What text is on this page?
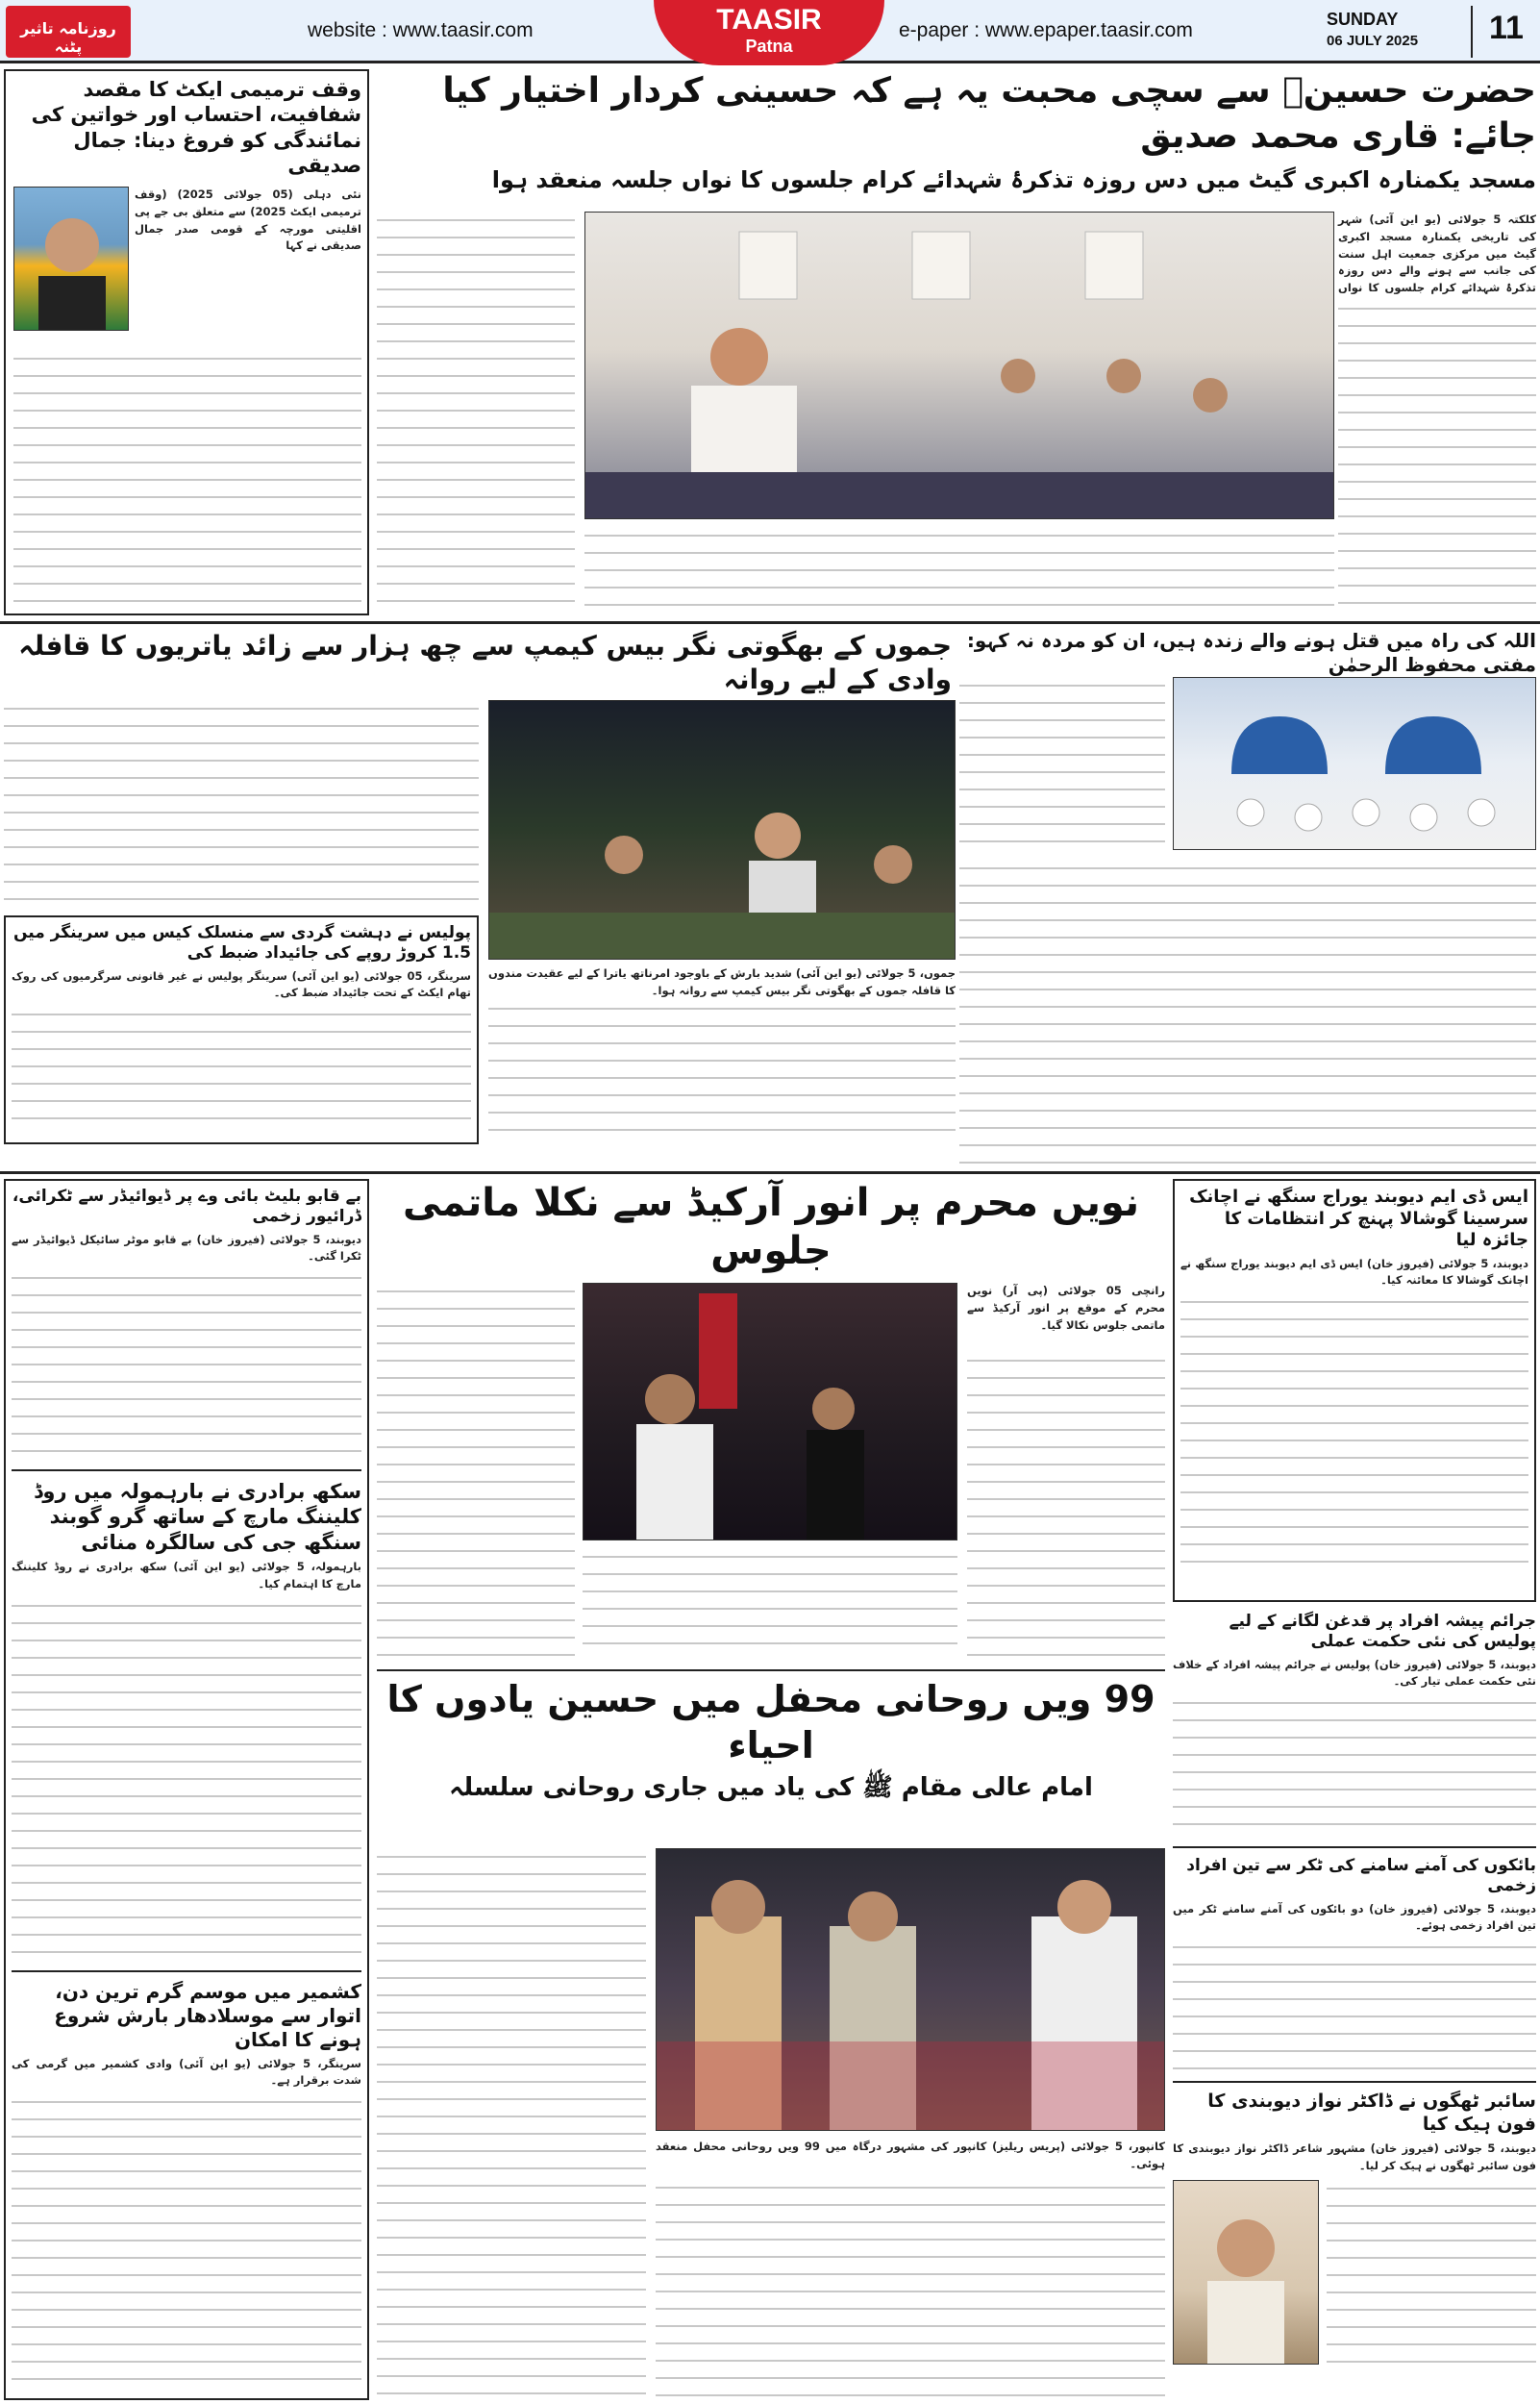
11
SUNDAY
06 JULY 2025
e-paper : www.epaper.taasir.com
website : www.taasir.com	TAASIR
Patna
روزنامہ تاثیر پٹنہ
وقف ترمیمی ایکٹ کا مقصد شفافیت، احتساب اور خواتین کی نمائندگی کو فروغ دینا: جمال صدیقی
نئی دہلی (05 جولائی 2025) (وقف ترمیمی ایکٹ 2025) سے متعلق بی جے پی اقلیتی مورچہ کے قومی صدر جمال صدیقی نے کہا
حضرت حسینؓ سے سچی محبت یہ ہے کہ حسینی کردار اختیار کیا جائے: قاری محمد صدیق
مسجد یکمنارہ اکبری گیٹ میں دس روزہ تذکرۂ شہدائے کرام جلسوں کا نواں جلسہ منعقد ہوا
کلکتہ 5 جولائی (یو این آئی) شہر کی تاریخی یکمنارہ مسجد اکبری گیٹ میں مرکزی جمعیت اہل سنت کی جانب سے ہونے والے دس روزہ تذکرۂ شہدائے کرام جلسوں کا نواں
جموں کے بھگوتی نگر بیس کیمپ سے چھ ہزار سے زائد یاتریوں کا قافلہ وادی کے لیے روانہ
جموں، 5 جولائی (یو این آئی) شدید بارش کے باوجود امرناتھ یاترا کے لیے عقیدت مندوں کا قافلہ جموں کے بھگوتی نگر بیس کیمپ سے روانہ ہوا۔
اللہ کی راہ میں قتل ہونے والے زندہ ہیں، ان کو مردہ نہ کہو: مفتی محفوظ الرحمٰن
پولیس نے دہشت گردی سے منسلک کیس میں سرینگر میں 1.5 کروڑ روپے کی جائیداد ضبط کی
سرینگر، 05 جولائی (یو این آئی) سرینگر پولیس نے غیر قانونی سرگرمیوں کی روک تھام ایکٹ کے تحت جائیداد ضبط کی۔
بے قابو بلیٹ بائی وے پر ڈیوائیڈر سے ٹکرائی، ڈرائیور زخمی
دیوبند، 5 جولائی (فیروز خان) بے قابو موٹر سائیکل ڈیوائیڈر سے ٹکرا گئی۔
سکھ برادری نے بارہمولہ میں روڈ کلیننگ مارچ کے ساتھ گرو گوبند سنگھ جی کی سالگرہ منائی
بارہمولہ، 5 جولائی (یو این آئی) سکھ برادری نے روڈ کلیننگ مارچ کا اہتمام کیا۔
کشمیر میں موسم گرم ترین دن، اتوار سے موسلادھار بارش شروع ہونے کا امکان
سرینگر، 5 جولائی (یو این آئی) وادی کشمیر میں گرمی کی شدت برقرار ہے۔
نویں محرم پر انور آرکیڈ سے نکلا ماتمی جلوس
رانچی 05 جولائی (پی آر) نویں محرم کے موقع پر انور آرکیڈ سے ماتمی جلوس نکالا گیا۔
ایس ڈی ایم دیوبند یوراج سنگھ نے اچانک سرسینا گوشالا پہنچ کر انتظامات کا جائزہ لیا
دیوبند، 5 جولائی (فیروز خان) ایس ڈی ایم دیوبند یوراج سنگھ نے اچانک گوشالا کا معائنہ کیا۔
جرائم پیشہ افراد پر قدغن لگانے کے لیے پولیس کی نئی حکمت عملی
دیوبند، 5 جولائی (فیروز خان) پولیس نے جرائم پیشہ افراد کے خلاف نئی حکمت عملی تیار کی۔
بائکوں کی آمنے سامنے کی ٹکر سے تین افراد زخمی
دیوبند، 5 جولائی (فیروز خان) دو بائکوں کی آمنے سامنے ٹکر میں تین افراد زخمی ہوئے۔
سائبر ٹھگوں نے ڈاکٹر نواز دیوبندی کا فون ہیک کیا
دیوبند، 5 جولائی (فیروز خان) مشہور شاعر ڈاکٹر نواز دیوبندی کا فون سائبر ٹھگوں نے ہیک کر لیا۔
99 ویں روحانی محفل میں حسین یادوں کا احیاء
امام عالی مقام ﷺ کی یاد میں جاری روحانی سلسلہ
کانپور، 5 جولائی (پریس ریلیز) کانپور کی مشہور درگاہ میں 99 ویں روحانی محفل منعقد ہوئی۔
